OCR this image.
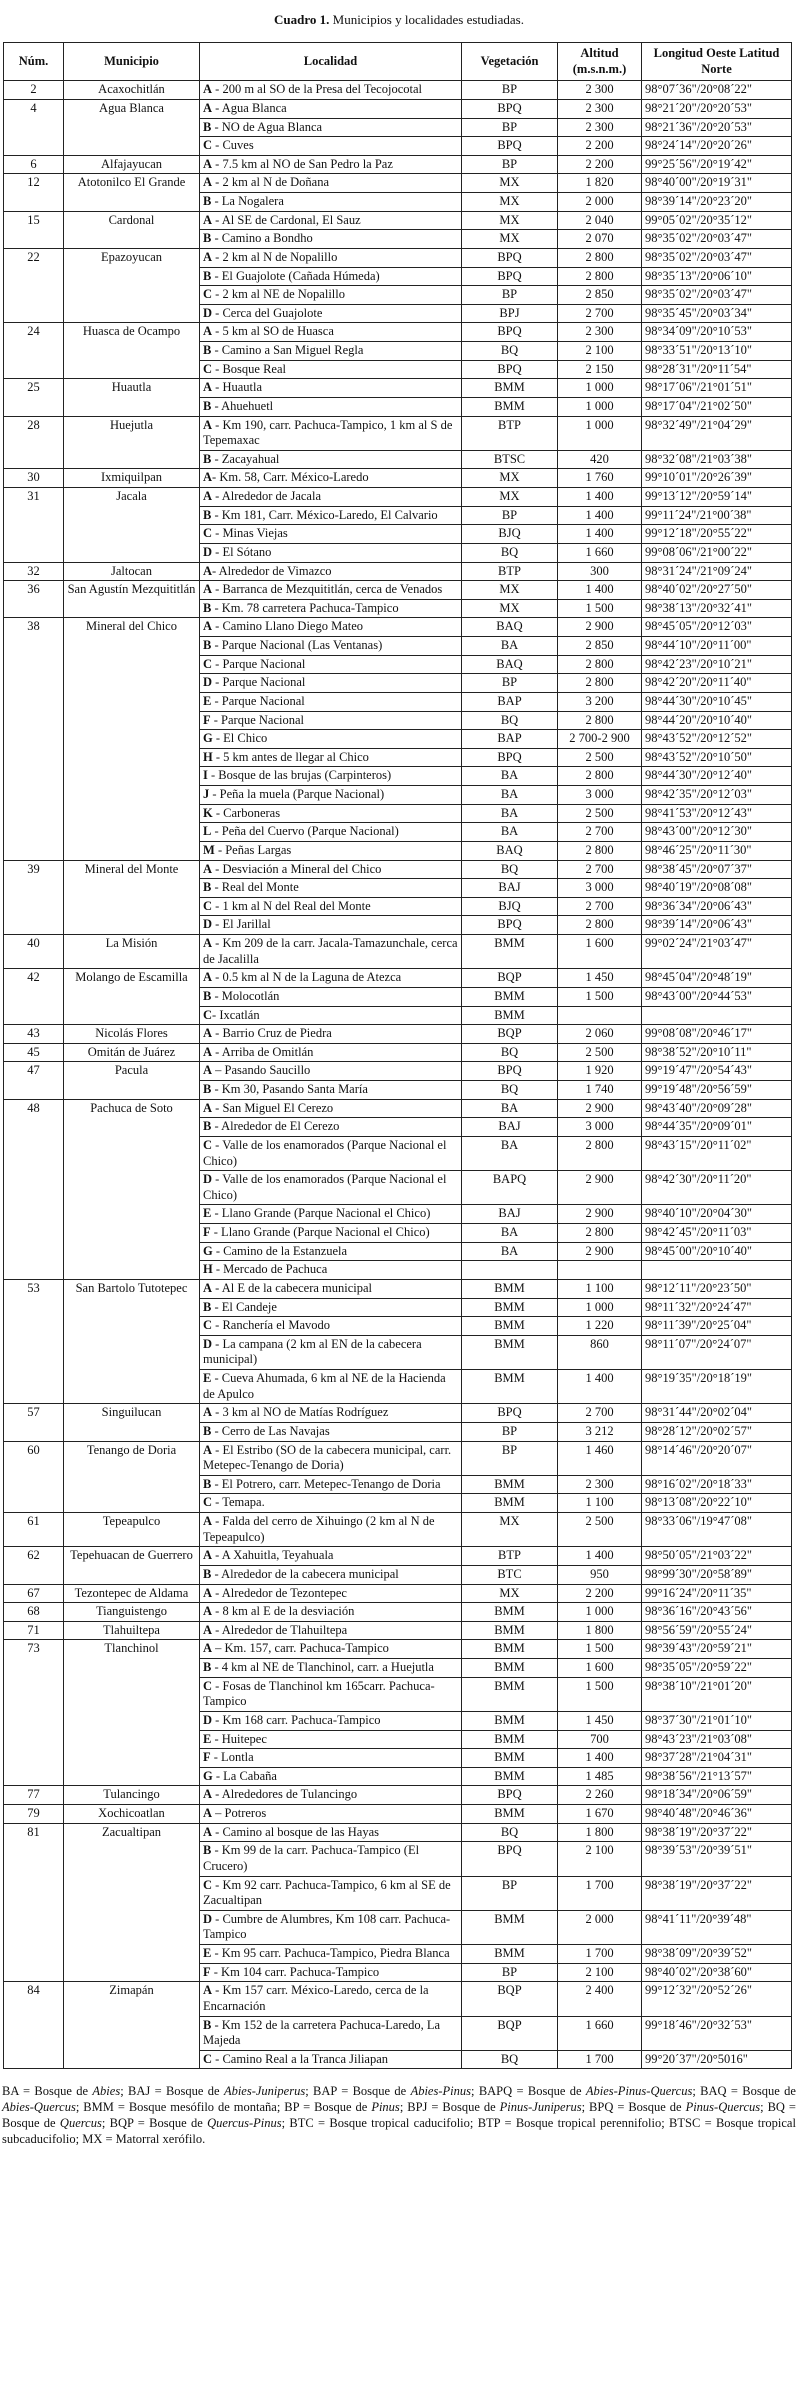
Cuadro 1. Municipios y localidades estudiadas.
Núm.	Municipio	Localidad	Vegetación	Altitud (m.s.n.m.)	Longitud Oeste Latitud Norte
2	Acaxochitlán	A - 200 m al SO de la Presa del Tecojocotal	BP	2 300	98°07´36"/20°08´22"
4	Agua Blanca	A - Agua Blanca	BPQ	2 300	98°21´20"/20°20´53"
		B - NO de Agua Blanca	BP	2 300	98°21´36"/20°20´53"
		C - Cuves	BPQ	2 200	98°24´14"/20°20´26"
6	Alfajayucan	A - 7.5 km al NO de San Pedro la Paz	BP	2 200	99°25´56"/20°19´42"
12	Atotonilco El Grande	A - 2 km al N de Doñana	MX	1 820	98°40´00"/20°19´31"
		B - La Nogalera	MX	2 000	98°39´14"/20°23´20"
15	Cardonal	A - Al SE de Cardonal, El Sauz	MX	2 040	99°05´02"/20°35´12"
		B - Camino a Bondho	MX	2 070	98°35´02"/20°03´47"
22	Epazoyucan	A - 2 km al N de Nopalillo	BPQ	2 800	98°35´02"/20°03´47"
		B - El Guajolote (Cañada Húmeda)	BPQ	2 800	98°35´13"/20°06´10"
		C - 2 km al NE de Nopalillo	BP	2 850	98°35´02"/20°03´47"
		D - Cerca del Guajolote	BPJ	2 700	98°35´45"/20°03´34"
24	Huasca de Ocampo	A - 5 km al SO de Huasca	BPQ	2 300	98°34´09"/20°10´53"
		B - Camino a San Miguel Regla	BQ	2 100	98°33´51"/20°13´10"
		C - Bosque Real	BPQ	2 150	98°28´31"/20°11´54"
25	Huautla	A - Huautla	BMM	1 000	98°17´06"/21°01´51"
		B - Ahuehuetl	BMM	1 000	98°17´04"/21°02´50"
28	Huejutla	A - Km 190, carr. Pachuca-Tampico, 1 km al S de Tepemaxac	BTP	1 000	98°32´49"/21°04´29"
		B - Zacayahual	BTSC	420	98°32´08"/21°03´38"
30	Ixmiquilpan	A- Km. 58, Carr. México-Laredo	MX	1 760	99°10´01"/20°26´39"
31	Jacala	A - Alrededor de Jacala	MX	1 400	99°13´12"/20°59´14"
		B - Km 181, Carr. México-Laredo, El Calvario	BP	1 400	99°11´24"/21°00´38"
		C - Minas Viejas	BJQ	1 400	99°12´18"/20°55´22"
		D - El Sótano	BQ	1 660	99°08´06"/21°00´22"
32	Jaltocan	A- Alrededor de Vimazco	BTP	300	98°31´24"/21°09´24"
36	San Agustín Mezquititlán	A - Barranca de Mezquititlán, cerca de Venados	MX	1 400	98°40´02"/20°27´50"
		B - Km. 78 carretera Pachuca-Tampico	MX	1 500	98°38´13"/20°32´41"
38	Mineral del Chico	A - Camino Llano Diego Mateo	BAQ	2 900	98°45´05"/20°12´03"
		B - Parque Nacional (Las Ventanas)	BA	2 850	98°44´10"/20°11´00"
		C - Parque Nacional	BAQ	2 800	98°42´23"/20°10´21"
		D - Parque Nacional	BP	2 800	98°42´20"/20°11´40"
		E - Parque Nacional	BAP	3 200	98°44´30"/20°10´45"
		F - Parque Nacional	BQ	2 800	98°44´20"/20°10´40"
		G - El Chico	BAP	2 700-2 900	98°43´52"/20°12´52"
		H - 5 km antes de llegar al Chico	BPQ	2 500	98°43´52"/20°10´50"
		I - Bosque de las brujas (Carpinteros)	BA	2 800	98°44´30"/20°12´40"
		J - Peña la muela (Parque Nacional)	BA	3 000	98°42´35"/20°12´03"
		K - Carboneras	BA	2 500	98°41´53"/20°12´43"
		L - Peña del Cuervo (Parque Nacional)	BA	2 700	98°43´00"/20°12´30"
		M - Peñas Largas	BAQ	2 800	98°46´25"/20°11´30"
39	Mineral del Monte	A - Desviación a Mineral del Chico	BQ	2 700	98°38´45"/20°07´37"
		B - Real del Monte	BAJ	3 000	98°40´19"/20°08´08"
		C - 1 km al N del Real del Monte	BJQ	2 700	98°36´34"/20°06´43"
		D - El Jarillal	BPQ	2 800	98°39´14"/20°06´43"
40	La Misión	A - Km 209 de la carr. Jacala-Tamazunchale, cerca de Jacalilla	BMM	1 600	99°02´24"/21°03´47"
42	Molango de Escamilla	A - 0.5 km al N de la Laguna de Atezca	BQP	1 450	98°45´04"/20°48´19"
		B - Molocotlán	BMM	1 500	98°43´00"/20°44´53"
		C- Ixcatlán	BMM		
43	Nicolás Flores	A - Barrio Cruz de Piedra	BQP	2 060	99°08´08"/20°46´17"
45	Omitán de Juárez	A - Arriba de Omitlán	BQ	2 500	98°38´52"/20°10´11"
47	Pacula	A – Pasando Saucillo	BPQ	1 920	99°19´47"/20°54´43"
		B - Km 30, Pasando Santa María	BQ	1 740	99°19´48"/20°56´59"
48	Pachuca de Soto	A - San Miguel El Cerezo	BA	2 900	98°43´40"/20°09´28"
		B - Alrededor de El Cerezo	BAJ	3 000	98°44´35"/20°09´01"
		C - Valle de los enamorados (Parque Nacional el Chico)	BA	2 800	98°43´15"/20°11´02"
		D - Valle de los enamorados (Parque Nacional el Chico)	BAPQ	2 900	98°42´30"/20°11´20"
		E - Llano Grande (Parque Nacional el Chico)	BAJ	2 900	98°40´10"/20°04´30"
		F - Llano Grande (Parque Nacional el Chico)	BA	2 800	98°42´45"/20°11´03"
		G - Camino de la Estanzuela	BA	2 900	98°45´00"/20°10´40"
		H - Mercado de Pachuca			
53	San Bartolo Tutotepec	A - Al E de la cabecera municipal	BMM	1 100	98°12´11"/20°23´50"
		B - El Candeje	BMM	1 000	98°11´32"/20°24´47"
		C - Ranchería el Mavodo	BMM	1 220	98°11´39"/20°25´04"
		D - La campana (2 km al EN de la cabecera municipal)	BMM	860	98°11´07"/20°24´07"
		E - Cueva Ahumada, 6 km al NE de la Hacienda de Apulco	BMM	1 400	98°19´35"/20°18´19"
57	Singuilucan	A - 3 km al NO de Matías Rodríguez	BPQ	2 700	98°31´44"/20°02´04"
		B - Cerro de Las Navajas	BP	3 212	98°28´12"/20°02´57"
60	Tenango de Doria	A - El Estribo (SO de la cabecera municipal, carr. Metepec-Tenango de Doria)	BP	1 460	98°14´46"/20°20´07"
		B - El Potrero, carr. Metepec-Tenango de Doria	BMM	2 300	98°16´02"/20°18´33"
		C - Temapa.	BMM	1 100	98°13´08"/20°22´10"
61	Tepeapulco	A - Falda del cerro de Xihuingo (2 km al N de Tepeapulco)	MX	2 500	98°33´06"/19°47´08"
62	Tepehuacan de Guerrero	A - A Xahuitla, Teyahuala	BTP	1 400	98°50´05"/21°03´22"
		B - Alrededor de la cabecera municipal	BTC	950	98°99´30"/20°58´89"
67	Tezontepec de Aldama	A - Alrededor de Tezontepec	MX	2 200	99°16´24"/20°11´35"
68	Tianguistengo	A - 8 km al E de la desviación	BMM	1 000	98°36´16"/20°43´56"
71	Tlahuiltepa	A - Alrededor de Tlahuiltepa	BMM	1 800	98°56´59"/20°55´24"
73	Tlanchinol	A – Km. 157, carr. Pachuca-Tampico	BMM	1 500	98°39´43"/20°59´21"
		B - 4 km al NE de Tlanchinol, carr. a Huejutla	BMM	1 600	98°35´05"/20°59´22"
		C - Fosas de Tlanchinol km 165carr. Pachuca-Tampico	BMM	1 500	98°38´10"/21°01´20"
		D - Km 168 carr. Pachuca-Tampico	BMM	1 450	98°37´30"/21°01´10"
		E - Huitepec	BMM	700	98°43´23"/21°03´08"
		F - Lontla	BMM	1 400	98°37´28"/21°04´31"
		G - La Cabaña	BMM	1 485	98°38´56"/21°13´57"
77	Tulancingo	A - Alrededores de Tulancingo	BPQ	2 260	98°18´34"/20°06´59"
79	Xochicoatlan	A – Potreros	BMM	1 670	98°40´48"/20°46´36"
81	Zacualtipan	A - Camino al bosque de las Hayas	BQ	1 800	98°38´19"/20°37´22"
		B - Km 99 de la carr. Pachuca-Tampico (El Crucero)	BPQ	2 100	98°39´53"/20°39´51"
		C - Km 92 carr. Pachuca-Tampico, 6 km al SE de Zacualtipan	BP	1 700	98°38´19"/20°37´22"
		D - Cumbre de Alumbres, Km 108 carr. Pachuca-Tampico	BMM	2 000	98°41´11"/20°39´48"
		E - Km 95 carr. Pachuca-Tampico, Piedra Blanca	BMM	1 700	98°38´09"/20°39´52"
		F - Km 104 carr. Pachuca-Tampico	BP	2 100	98°40´02"/20°38´60"
84	Zimapán	A - Km 157 carr. México-Laredo, cerca de la Encarnación	BQP	2 400	99°12´32"/20°52´26"
		B - Km 152 de la carretera Pachuca-Laredo, La Majeda	BQP	1 660	99°18´46"/20°32´53"
		C - Camino Real a la Tranca Jiliapan	BQ	1 700	99°20´37"/20°5016"
BA = Bosque de Abies; BAJ = Bosque de Abies-Juniperus; BAP = Bosque de Abies-Pinus; BAPQ = Bosque de Abies-Pinus-Quercus; BAQ = Bosque de Abies-Quercus; BMM = Bosque mesófilo de montaña; BP = Bosque de Pinus; BPJ = Bosque de Pinus-Juniperus; BPQ = Bosque de Pinus-Quercus; BQ = Bosque de Quercus; BQP = Bosque de Quercus-Pinus; BTC = Bosque tropical caducifolio; BTP = Bosque tropical perennifolio; BTSC = Bosque tropical subcaducifolio; MX = Matorral xerófilo.
